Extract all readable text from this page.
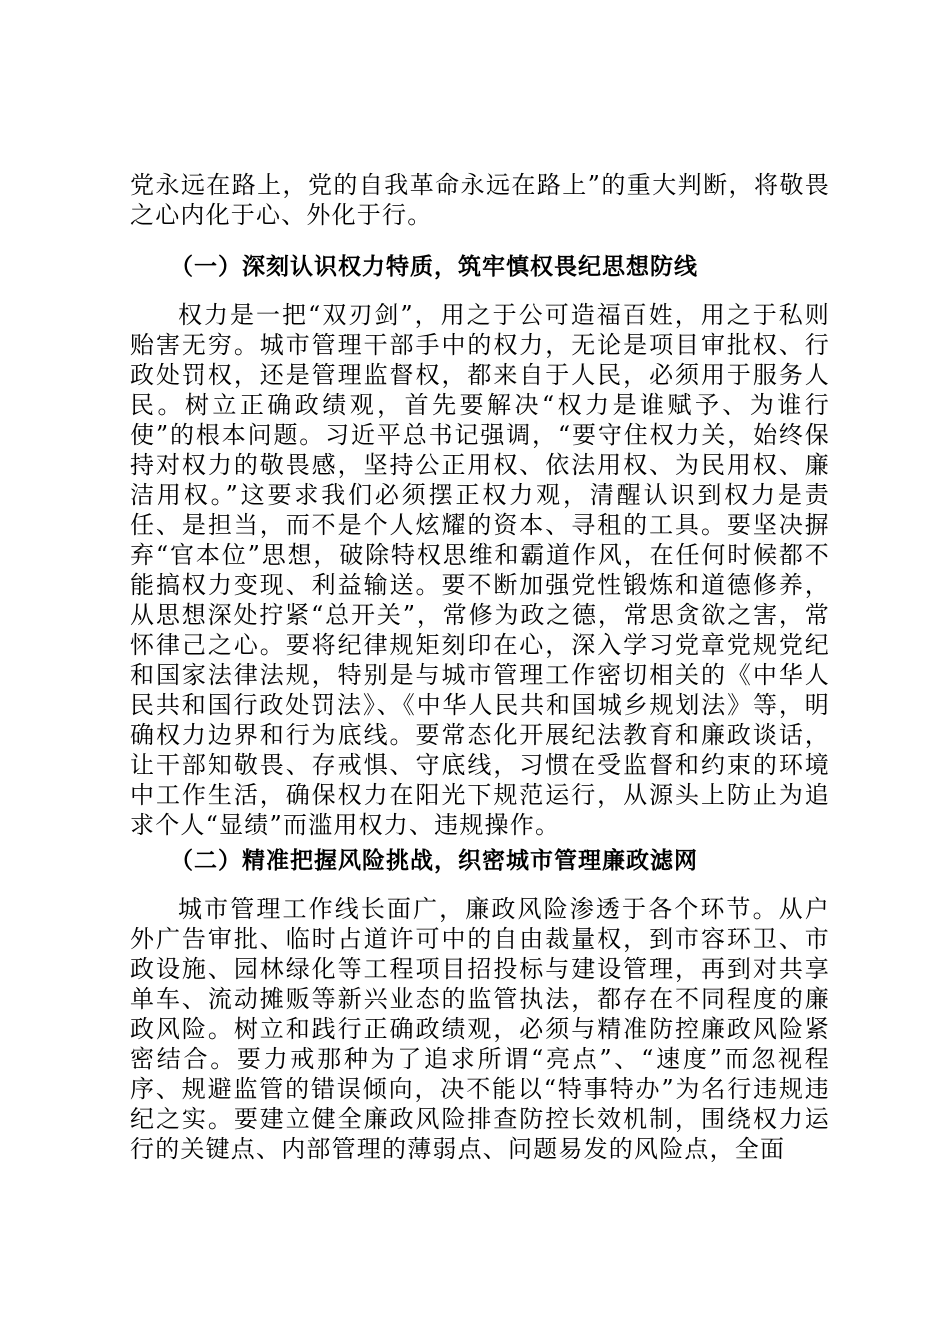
党永远在路上，党的自我革命永远在路上”的重大判断，将敬畏之心内化于心、外化于行。

（一）深刻认识权力特质，筑牢慎权畏纪思想防线

权力是一把“双刃剑”，用之于公可造福百姓，用之于私则贻害无穷。城市管理干部手中的权力，无论是项目审批权、行政处罚权，还是管理监督权，都来自于人民，必须用于服务人民。树立正确政绩观，首先要解决“权力是谁赋予、为谁行使”的根本问题。习近平总书记强调，“要守住权力关，始终保持对权力的敬畏感，坚持公正用权、依法用权、为民用权、廉洁用权。”这要求我们必须摆正权力观，清醒认识到权力是责任、是担当，而不是个人炫耀的资本、寻租的工具。要坚决摒弃“官本位”思想，破除特权思维和霸道作风，在任何时候都不能搞权力变现、利益输送。要不断加强党性锻炼和道德修养，从思想深处拧紧“总开关”，常修为政之德，常思贪欲之害，常怀律己之心。要将纪律规矩刻印在心，深入学习党章党规党纪和国家法律法规，特别是与城市管理工作密切相关的《中华人民共和国行政处罚法》、《中华人民共和国城乡规划法》等，明确权力边界和行为底线。要常态化开展纪法教育和廉政谈话，让干部知敬畏、存戒惧、守底线，习惯在受监督和约束的环境中工作生活，确保权力在阳光下规范运行，从源头上防止为追求个人“显绩”而滥用权力、违规操作。

（二）精准把握风险挑战，织密城市管理廉政滤网

城市管理工作线长面广，廉政风险渗透于各个环节。从户外广告审批、临时占道许可中的自由裁量权，到市容环卫、市政设施、园林绿化等工程项目招投标与建设管理，再到对共享单车、流动摊贩等新兴业态的监管执法，都存在不同程度的廉政风险。树立和践行正确政绩观，必须与精准防控廉政风险紧密结合。要力戒那种为了追求所谓“亮点”、“速度”而忽视程序、规避监管的错误倾向，决不能以“特事特办”为名行违规违纪之实。要建立健全廉政风险排查防控长效机制，围绕权力运行的关键点、内部管理的薄弱点、问题易发的风险点，全面
